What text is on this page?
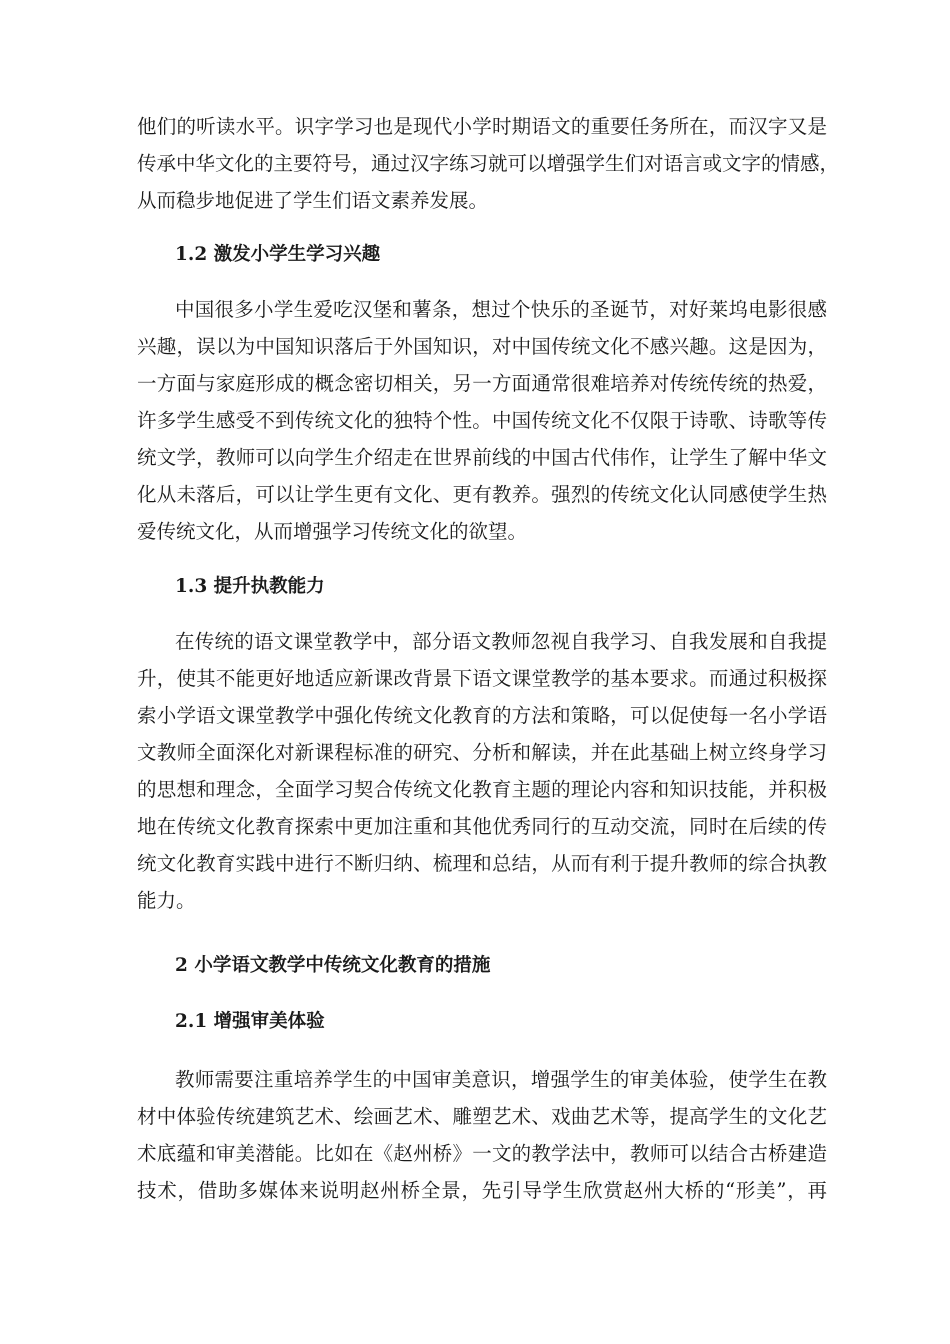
他们的听读水平。识字学习也是现代小学时期语文的重要任务所在，而汉字又是

传承中华文化的主要符号，通过汉字练习就可以增强学生们对语言或文字的情感，

从而稳步地促进了学生们语文素养发展。

1.2 激发小学生学习兴趣

中国很多小学生爱吃汉堡和薯条，想过个快乐的圣诞节，对好莱坞电影很感

兴趣，误以为中国知识落后于外国知识，对中国传统文化不感兴趣。这是因为，

一方面与家庭形成的概念密切相关，另一方面通常很难培养对传统传统的热爱，

许多学生感受不到传统文化的独特个性。中国传统文化不仅限于诗歌、诗歌等传

统文学，教师可以向学生介绍走在世界前线的中国古代伟作，让学生了解中华文

化从未落后，可以让学生更有文化、更有教养。强烈的传统文化认同感使学生热

爱传统文化，从而增强学习传统文化的欲望。

1.3 提升执教能力

在传统的语文课堂教学中，部分语文教师忽视自我学习、自我发展和自我提

升，使其不能更好地适应新课改背景下语文课堂教学的基本要求。而通过积极探

索小学语文课堂教学中强化传统文化教育的方法和策略，可以促使每一名小学语

文教师全面深化对新课程标准的研究、分析和解读，并在此基础上树立终身学习

的思想和理念，全面学习契合传统文化教育主题的理论内容和知识技能，并积极

地在传统文化教育探索中更加注重和其他优秀同行的互动交流，同时在后续的传

统文化教育实践中进行不断归纳、梳理和总结，从而有利于提升教师的综合执教

能力。

2 小学语文教学中传统文化教育的措施
2.1 增强审美体验

教师需要注重培养学生的中国审美意识，增强学生的审美体验，使学生在教

材中体验传统建筑艺术、绘画艺术、雕塑艺术、戏曲艺术等，提高学生的文化艺

术底蕴和审美潜能。比如在《赵州桥》一文的教学法中，教师可以结合古桥建造

技术，借助多媒体来说明赵州桥全景，先引导学生欣赏赵州大桥的“形美”，再
